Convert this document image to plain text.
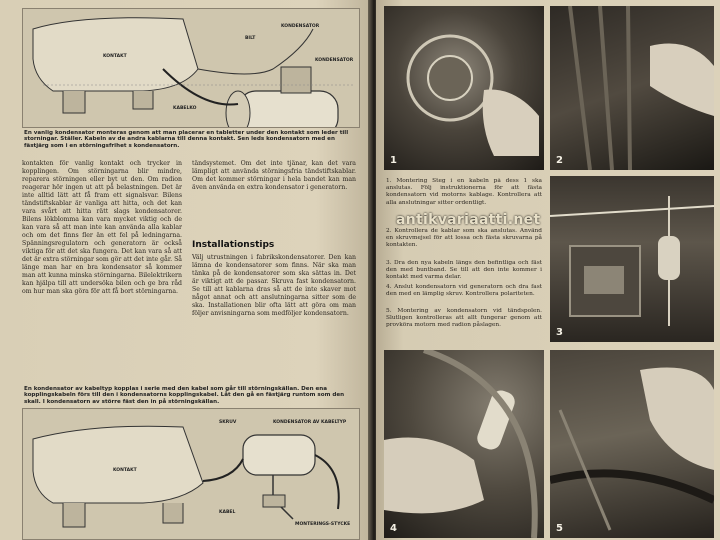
KONTAKT
BILT
KONDENSATOR
KONDENSATOR
KABELKO
En vanlig kondensator monteras genom att man placerar en tabletter under den kontakt som leder till storningar. Ställer. Kabeln av de andra kablarna till denna kontakt. Sen leds kondensatorn med en fästjärg som i en störningsfrihet s kondensatorn.
kontakten för vanlig kontakt och trycker in kopplingen. Om störningarna blir mindre, reparera störningen eller byt ut den. Om radion reagerar hör ingen ut att på belastningen. Det är inte alltid lätt att få fram ett signalsvar. Bilens tändstiftskablar är vanliga att hitta, och det kan vara svårt att hitta rätt slags kondensatorer. Bilens lökblomma kan vara mycket viktig och de kan vara så att man inte kan använda alla kablar och om det finns fler än ett fel på ledningarna. Spänningsregulatorn och generatorn är också viktiga för att det ska fungera. Det kan vara så att det är extra störningar som gör att det inte går. Så länge man har en bra kondensator så kommer man att kunna minska störningarna. Bilelektrikern kan hjälpa till att undersöka bilen och ge bra råd om hur man ska göra för att få bort störningarna.
tändsystemet. Om det inte tjänar, kan det vara lämpligt att använda störningsfria tändstiftskablar. Om det kommer störningar i hela bandet kan man även använda en extra kondensator i generatorn.
Installationstips
Välj utrustningen i fabrikskondensatorer. Den kan lämna de kondensatorer som finns. När ska man tänka på de kondensatorer som ska sättas in. Det är viktigt att de passar. Skruva fast kondensatorn. Se till att kablarna dras så att de inte skaver mot något annat och att anslutningarna sitter som de ska. Installationen blir ofta lätt att göra om man följer anvisningarna som medföljer kondensatorn.
En kondensator av kabeltyp kopplas i serie med den kabel som går till störningskällan. Den ena kopplingskabeln förs till den i kondensatorns kopplingskabel. Låt den gå en fästjärg runtom som den skall. I kondensatorn av större fäst den in på störningskällan.
KONTAKT
SKRUV	KONDENSATOR AV KABELTYP
KABEL
MONTERINGS-STYCKE
1	2
1. Montering Steg i en kabeln på dess 1 ska anslutas. Följ instruktionerna för att fästa kondensatorn vid motorns kablage. Kontrollera att alla anslutningar sitter ordentligt.
2. Kontrollera de kablar som ska anslutas. Använd en skruvmejsel för att lossa och fästa skruvarna på kontakten.
3. Dra den nya kabeln längs den befintliga och fäst den med buntband. Se till att den inte kommer i kontakt med varma delar.
4. Anslut kondensatorn vid generatorn och dra fast den med en lämplig skruv. Kontrollera polariteten.
5. Montering av kondensatorn vid tändspolen. Slutligen kontrolleras att allt fungerar genom att provköra motorn med radion påslagen.
3
4	5
antikvariaatti.net
